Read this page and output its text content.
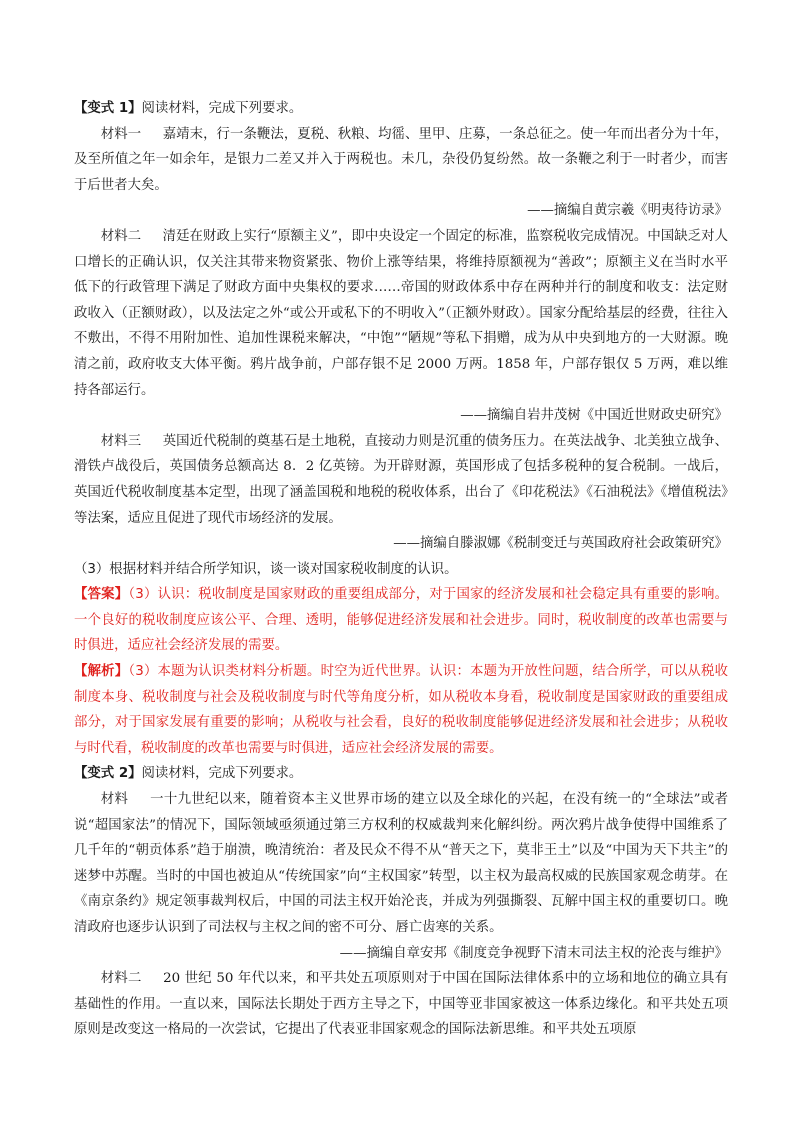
【变式 1】阅读材料，完成下列要求。

材料一 嘉靖末，行一条鞭法，夏税、秋粮、均徭、里甲、庄募，一条总征之。使一年而出者分为十年，及至所值之年一如余年，是银力二差又并入于两税也。未几，杂役仍复纷然。故一条鞭之利于一时者少，而害于后世者大矣。

——摘编自黄宗羲《明夷待访录》

材料二 清廷在财政上实行“原额主义”，即中央设定一个固定的标准，监察税收完成情况。中国缺乏对人口增长的正确认识，仅关注其带来物资紧张、物价上涨等结果，将维持原额视为“善政”；原额主义在当时水平低下的行政管理下满足了财政方面中央集权的要求……帝国的财政体系中存在两种并行的制度和收支：法定财政收入（正额财政），以及法定之外“或公开或私下的不明收入”（正额外财政）。国家分配给基层的经费，往往入不敷出，不得不用附加性、追加性课税来解决，“中饱”“陋规”等私下捐赠，成为从中央到地方的一大财源。晚清之前，政府收支大体平衡。鸦片战争前，户部存银不足 2000 万两。1858 年，户部存银仅 5 万两，难以维持各部运行。

——摘编自岩井茂树《中国近世财政史研究》

材料三 英国近代税制的奠基石是土地税，直接动力则是沉重的债务压力。在英法战争、北美独立战争、滑铁卢战役后，英国债务总额高达 8．2 亿英镑。为开辟财源，英国形成了包括多税种的复合税制。一战后，英国近代税收制度基本定型，出现了涵盖国税和地税的税收体系，出台了《印花税法》《石油税法》《增值税法》等法案，适应且促进了现代市场经济的发展。

——摘编自滕淑娜《税制变迁与英国政府社会政策研究》

（3）根据材料并结合所学知识，谈一谈对国家税收制度的认识。

【答案】（3）认识：税收制度是国家财政的重要组成部分，对于国家的经济发展和社会稳定具有重要的影响。一个良好的税收制度应该公平、合理、透明，能够促进经济发展和社会进步。同时，税收制度的改革也需要与时俱进，适应社会经济发展的需要。

【解析】（3）本题为认识类材料分析题。时空为近代世界。认识：本题为开放性问题，结合所学，可以从税收制度本身、税收制度与社会及税收制度与时代等角度分析，如从税收本身看，税收制度是国家财政的重要组成部分，对于国家发展有重要的影响；从税收与社会看，良好的税收制度能够促进经济发展和社会进步；从税收与时代看，税收制度的改革也需要与时俱进，适应社会经济发展的需要。

【变式 2】阅读材料，完成下列要求。

材料 一十九世纪以来，随着资本主义世界市场的建立以及全球化的兴起，在没有统一的“全球法”或者说“超国家法”的情况下，国际领域亟须通过第三方权利的权威裁判来化解纠纷。两次鸦片战争使得中国维系了几千年的“朝贡体系”趋于崩溃，晚清统治：者及民众不得不从“普天之下，莫非王土”以及“中国为天下共主”的迷梦中苏醒。当时的中国也被迫从“传统国家”向“主权国家”转型，以主权为最高权威的民族国家观念萌芽。在《南京条约》规定领事裁判权后，中国的司法主权开始沦丧，并成为列强撕裂、瓦解中国主权的重要切口。晚清政府也逐步认识到了司法权与主权之间的密不可分、唇亡齿寒的关系。

——摘编自章安邦《制度竞争视野下清末司法主权的沦丧与维护》

材料二 20 世纪 50 年代以来，和平共处五项原则对于中国在国际法律体系中的立场和地位的确立具有基础性的作用。一直以来，国际法长期处于西方主导之下，中国等亚非国家被这一体系边缘化。和平共处五项原则是改变这一格局的一次尝试，它提出了代表亚非国家观念的国际法新思维。和平共处五项原
